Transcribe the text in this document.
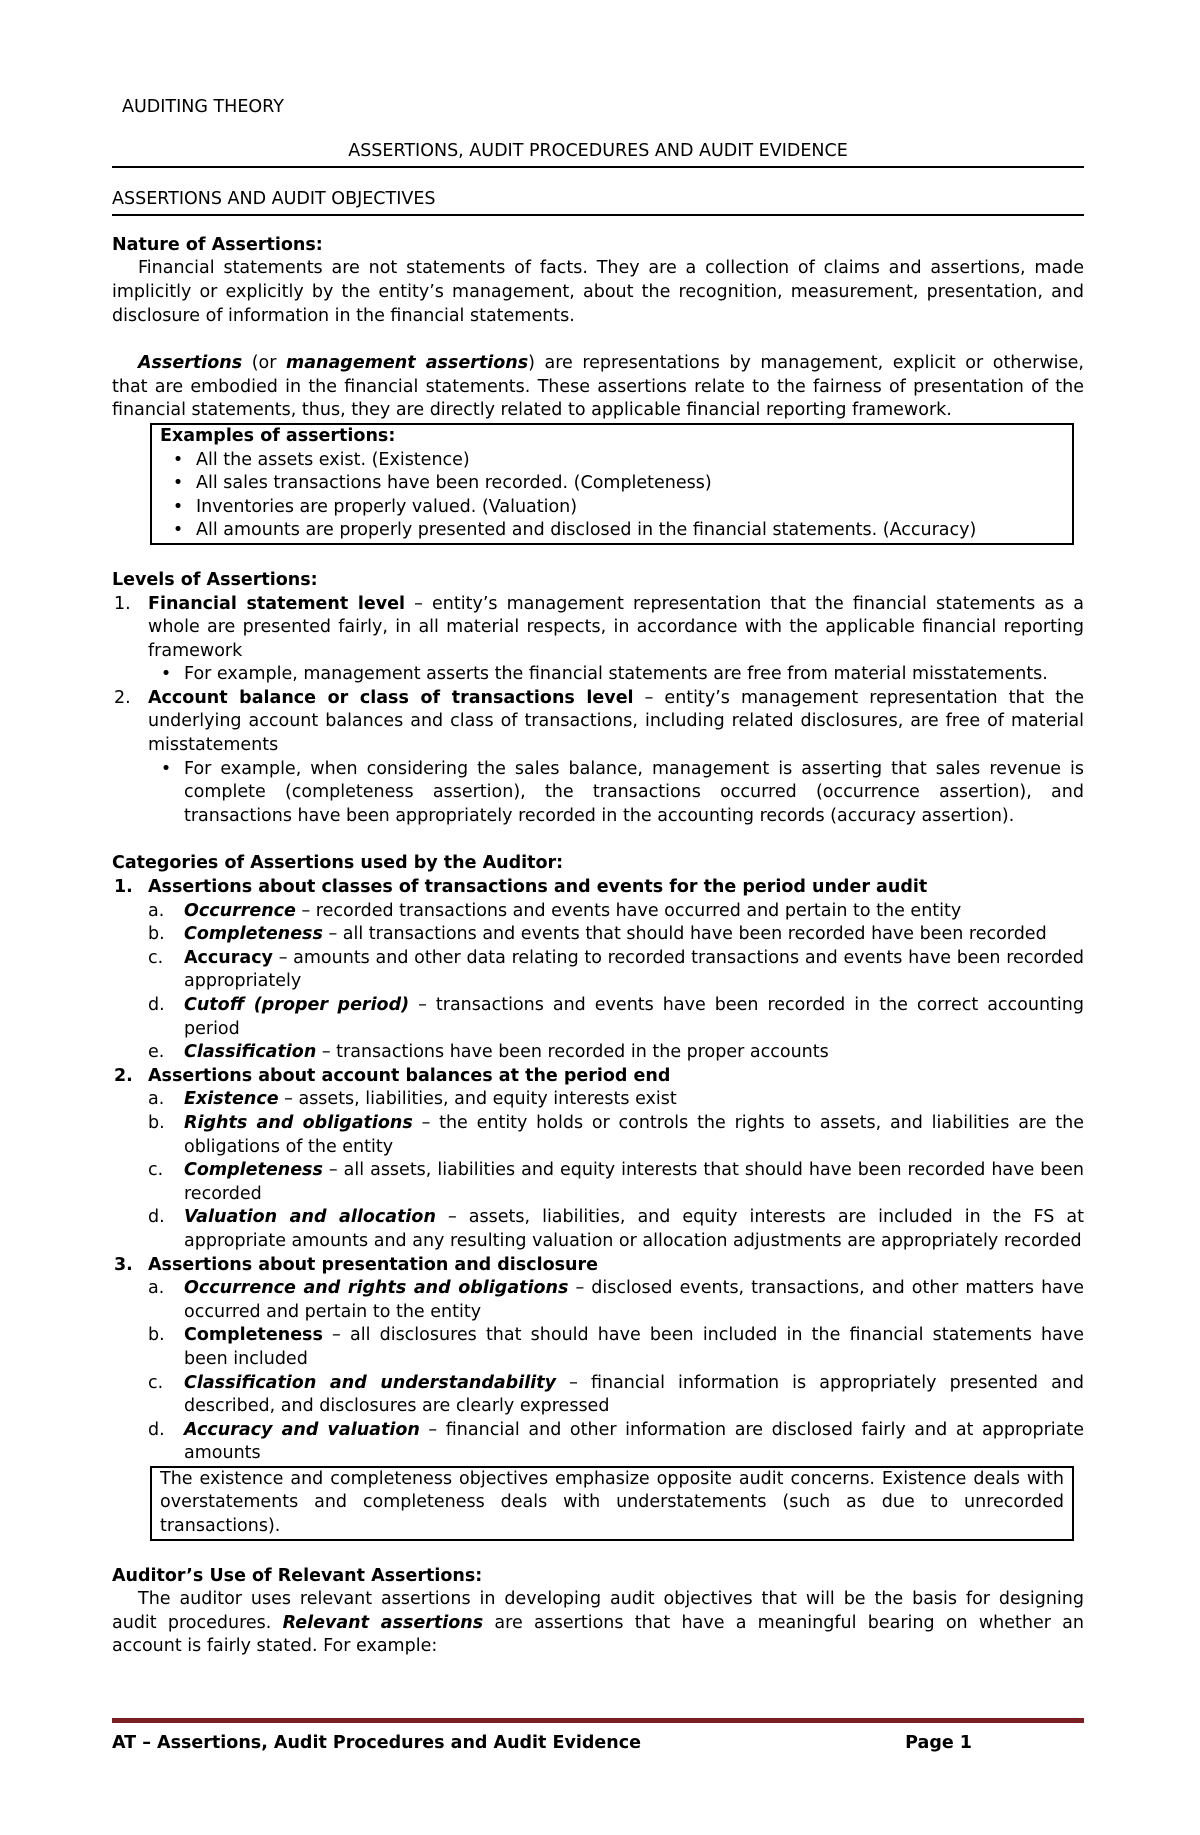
AUDITING THEORY
ASSERTIONS, AUDIT PROCEDURES AND AUDIT EVIDENCE
ASSERTIONS AND AUDIT OBJECTIVES
Nature of Assertions:
Financial statements are not statements of facts. They are a collection of claims and assertions, made implicitly or explicitly by the entity’s management, about the recognition, measurement, presentation, and disclosure of information in the financial statements.
Assertions (or management assertions) are representations by management, explicit or otherwise, that are embodied in the financial statements. These assertions relate to the fairness of presentation of the financial statements, thus, they are directly related to applicable financial reporting framework.
Examples of assertions:
• All the assets exist. (Existence)
• All sales transactions have been recorded. (Completeness)
• Inventories are properly valued. (Valuation)
• All amounts are properly presented and disclosed in the financial statements. (Accuracy)
Levels of Assertions:
1. Financial statement level – entity’s management representation that the financial statements as a whole are presented fairly, in all material respects, in accordance with the applicable financial reporting framework
• For example, management asserts the financial statements are free from material misstatements.
2. Account balance or class of transactions level – entity’s management representation that the underlying account balances and class of transactions, including related disclosures, are free of material misstatements
• For example, when considering the sales balance, management is asserting that sales revenue is complete (completeness assertion), the transactions occurred (occurrence assertion), and transactions have been appropriately recorded in the accounting records (accuracy assertion).
Categories of Assertions used by the Auditor:
1. Assertions about classes of transactions and events for the period under audit
a.	Occurrence – recorded transactions and events have occurred and pertain to the entity
b.	Completeness – all transactions and events that should have been recorded have been recorded
c.	Accuracy – amounts and other data relating to recorded transactions and events have been recorded appropriately
d.	Cutoff (proper period) – transactions and events have been recorded in the correct accounting period
e.	Classification – transactions have been recorded in the proper accounts
2. Assertions about account balances at the period end
a.	Existence – assets, liabilities, and equity interests exist
b.	Rights and obligations – the entity holds or controls the rights to assets, and liabilities are the obligations of the entity
c.	Completeness – all assets, liabilities and equity interests that should have been recorded have been recorded
d.	Valuation and allocation – assets, liabilities, and equity interests are included in the FS at appropriate amounts and any resulting valuation or allocation adjustments are appropriately recorded
3. Assertions about presentation and disclosure
a.	Occurrence and rights and obligations – disclosed events, transactions, and other matters have occurred and pertain to the entity
b.	Completeness – all disclosures that should have been included in the financial statements have been included
c.	Classification and understandability – financial information is appropriately presented and described, and disclosures are clearly expressed
d.	Accuracy and valuation – financial and other information are disclosed fairly and at appropriate amounts
The existence and completeness objectives emphasize opposite audit concerns. Existence deals with overstatements and completeness deals with understatements (such as due to unrecorded transactions).
Auditor’s Use of Relevant Assertions:
The auditor uses relevant assertions in developing audit objectives that will be the basis for designing audit procedures. Relevant assertions are assertions that have a meaningful bearing on whether an account is fairly stated. For example:
AT – Assertions, Audit Procedures and Audit Evidence	Page 1
